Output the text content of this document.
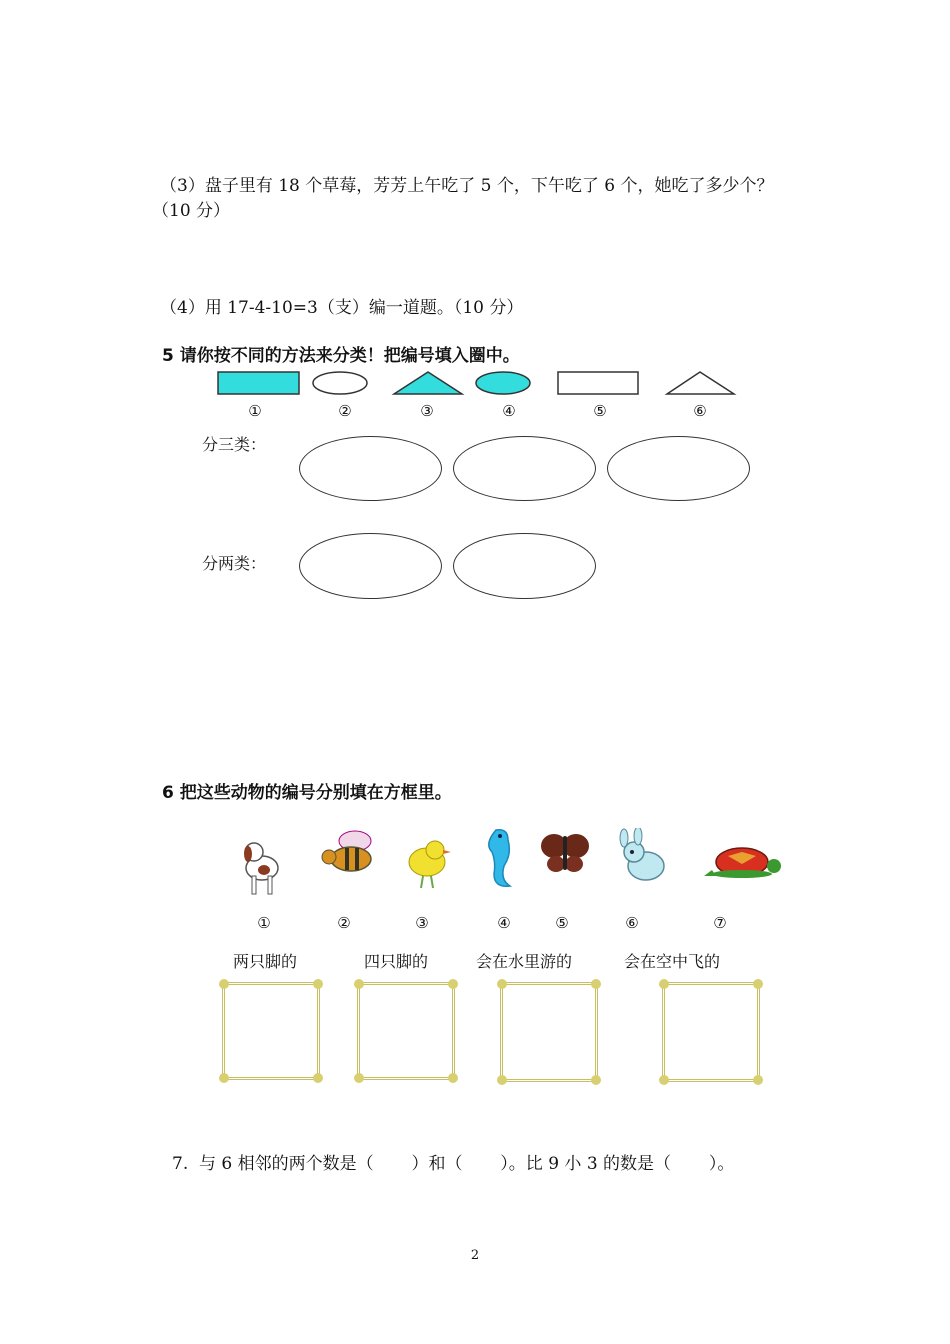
（3）盘子里有 18 个草莓，芳芳上午吃了 5 个，下午吃了 6 个，她吃了多少个？
（10 分）
（4）用 17-4-10=3（支）编一道题。（10 分）
5 请你按不同的方法来分类！把编号填入圈中。
①	②	③	④	⑤	⑥
分三类：
分两类：
6 把这些动物的编号分别填在方框里。
①	②	③	④	⑤	⑥	⑦
两只脚的	四只脚的	会在水里游的	会在空中飞的
7.  与 6 相邻的两个数是（       ）和（       ）。比 9 小 3 的数是（       ）。
2
